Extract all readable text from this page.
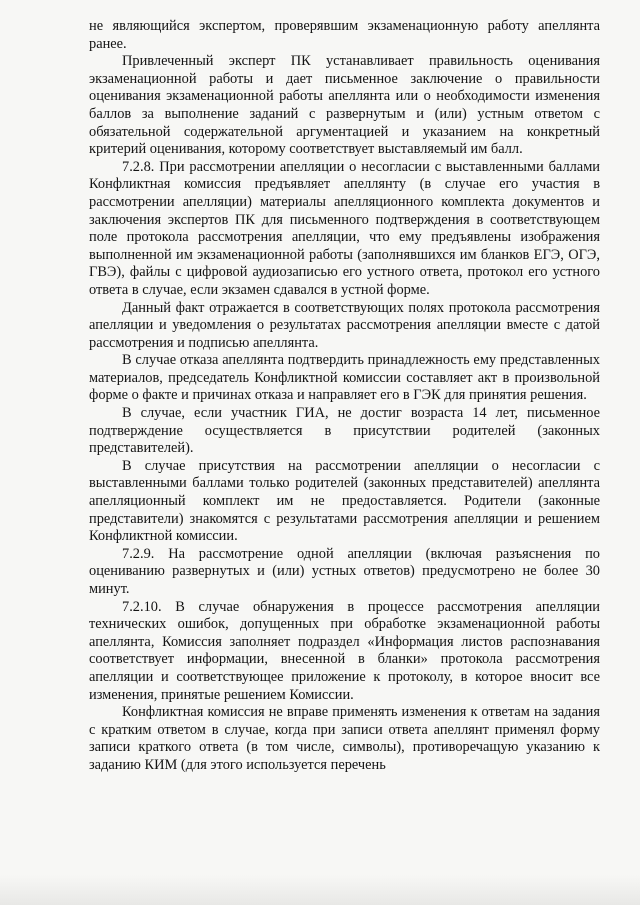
не являющийся экспертом, проверявшим экзаменационную работу апеллянта ранее.

Привлеченный эксперт ПК устанавливает правильность оценивания экзаменационной работы и дает письменное заключение о правильности оценивания экзаменационной работы апеллянта или о необходимости изменения баллов за выполнение заданий с развернутым и (или) устным ответом с обязательной содержательной аргументацией и указанием на конкретный критерий оценивания, которому соответствует выставляемый им балл.

7.2.8. При рассмотрении апелляции о несогласии с выставленными баллами Конфликтная комиссия предъявляет апеллянту (в случае его участия в рассмотрении апелляции) материалы апелляционного комплекта документов и заключения экспертов ПК для письменного подтверждения в соответствующем поле протокола рассмотрения апелляции, что ему предъявлены изображения выполненной им экзаменационной работы (заполнявшихся им бланков ЕГЭ, ОГЭ, ГВЭ), файлы с цифровой аудиозаписью его устного ответа, протокол его устного ответа в случае, если экзамен сдавался в устной форме.

Данный факт отражается в соответствующих полях протокола рассмотрения апелляции и уведомления о результатах рассмотрения апелляции вместе с датой рассмотрения и подписью апеллянта.

В случае отказа апеллянта подтвердить принадлежность ему представленных материалов, председатель Конфликтной комиссии составляет акт в произвольной форме о факте и причинах отказа и направляет его в ГЭК для принятия решения.

В случае, если участник ГИА, не достиг возраста 14 лет, письменное подтверждение осуществляется в присутствии родителей (законных представителей).

В случае присутствия на рассмотрении апелляции о несогласии с выставленными баллами только родителей (законных представителей) апеллянта апелляционный комплект им не предоставляется. Родители (законные представители) знакомятся с результатами рассмотрения апелляции и решением Конфликтной комиссии.

7.2.9. На рассмотрение одной апелляции (включая разъяснения по оцениванию развернутых и (или) устных ответов) предусмотрено не более 30 минут.

7.2.10. В случае обнаружения в процессе рассмотрения апелляции технических ошибок, допущенных при обработке экзаменационной работы апеллянта, Комиссия заполняет подраздел «Информация листов распознавания соответствует информации, внесенной в бланки» протокола рассмотрения апелляции и соответствующее приложение к протоколу, в которое вносит все изменения, принятые решением Комиссии.

Конфликтная комиссия не вправе применять изменения к ответам на задания с кратким ответом в случае, когда при записи ответа апеллянт применял форму записи краткого ответа (в том числе, символы), противоречащую указанию к заданию КИМ (для этого используется перечень
